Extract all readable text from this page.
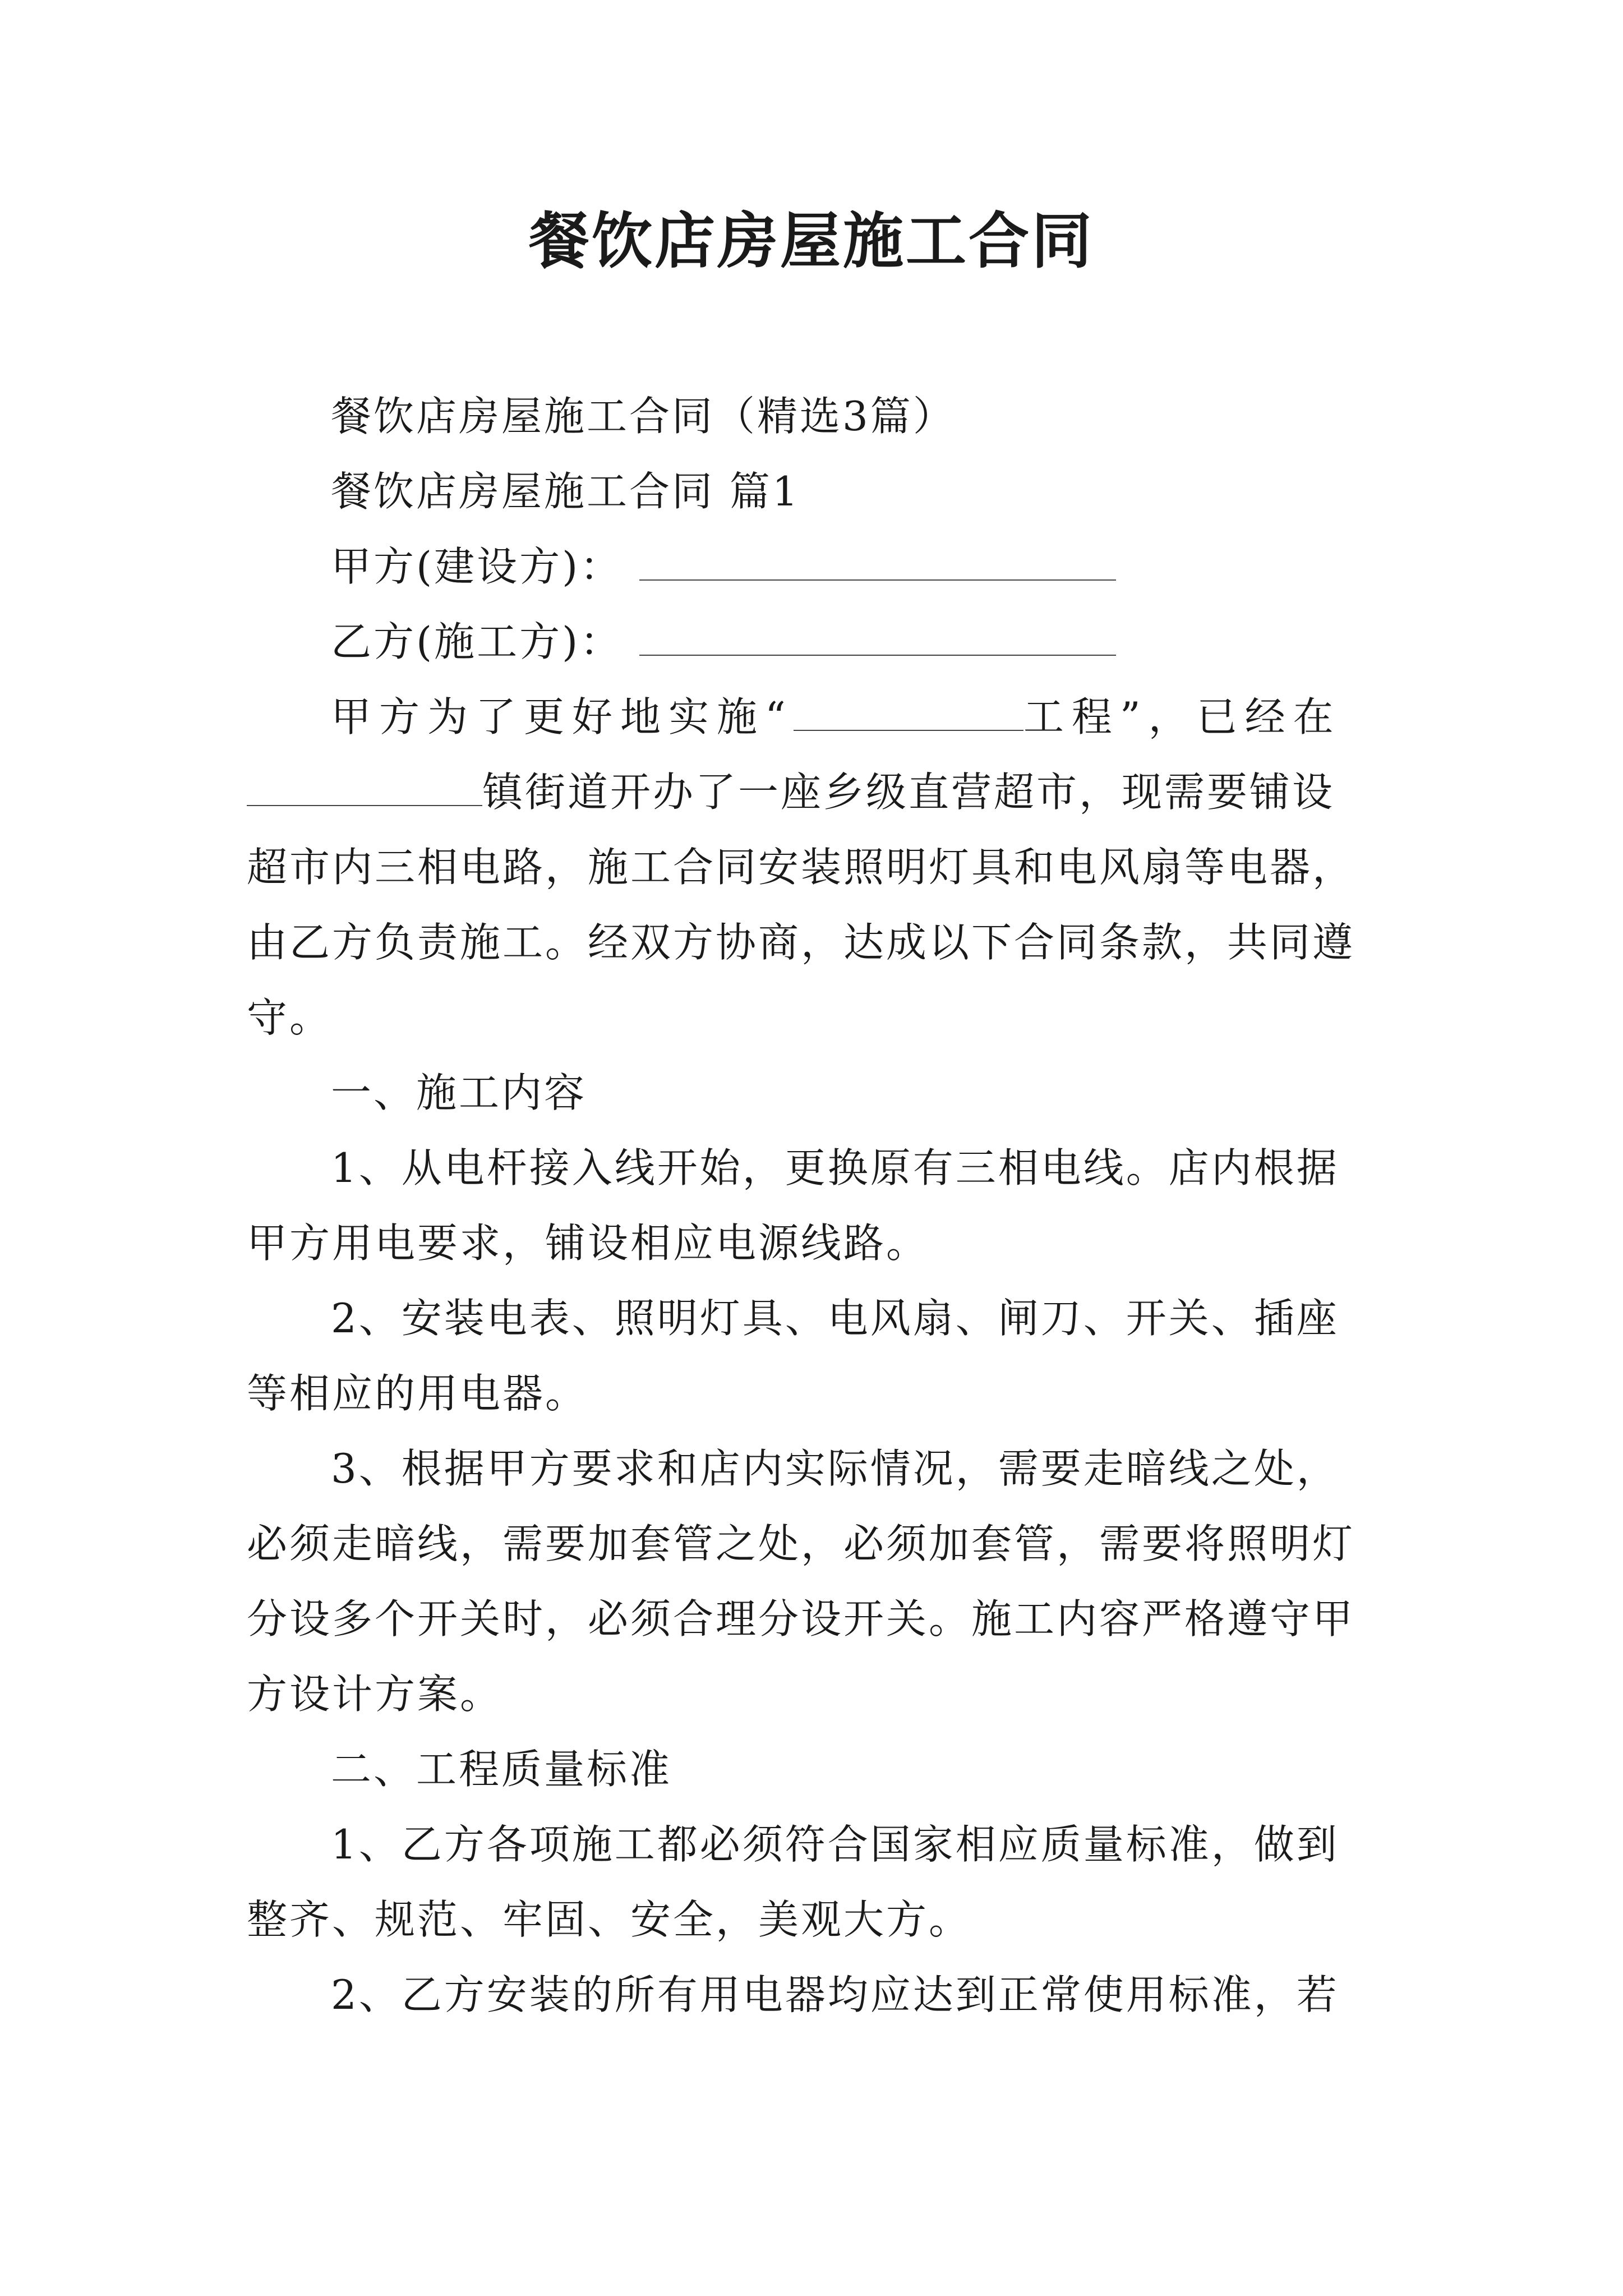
餐饮店房屋施工合同

餐饮店房屋施工合同（精选3篇）

餐饮店房屋施工合同 篇1

甲方(建设方)：

乙方(施工方)：

甲方为了更好地实施“	工程”，已经在

镇街道开办了一座乡级直营超市，现需要铺设

超市内三相电路，施工合同安装照明灯具和电风扇等电器，

由乙方负责施工。经双方协商，达成以下合同条款，共同遵

守。

一、施工内容

1、从电杆接入线开始，更换原有三相电线。店内根据

甲方用电要求，铺设相应电源线路。

2、安装电表、照明灯具、电风扇、闸刀、开关、插座

等相应的用电器。

3、根据甲方要求和店内实际情况，需要走暗线之处，

必须走暗线，需要加套管之处，必须加套管，需要将照明灯

分设多个开关时，必须合理分设开关。施工内容严格遵守甲

方设计方案。

二、工程质量标准

1、乙方各项施工都必须符合国家相应质量标准，做到

整齐、规范、牢固、安全，美观大方。

2、乙方安装的所有用电器均应达到正常使用标准，若
